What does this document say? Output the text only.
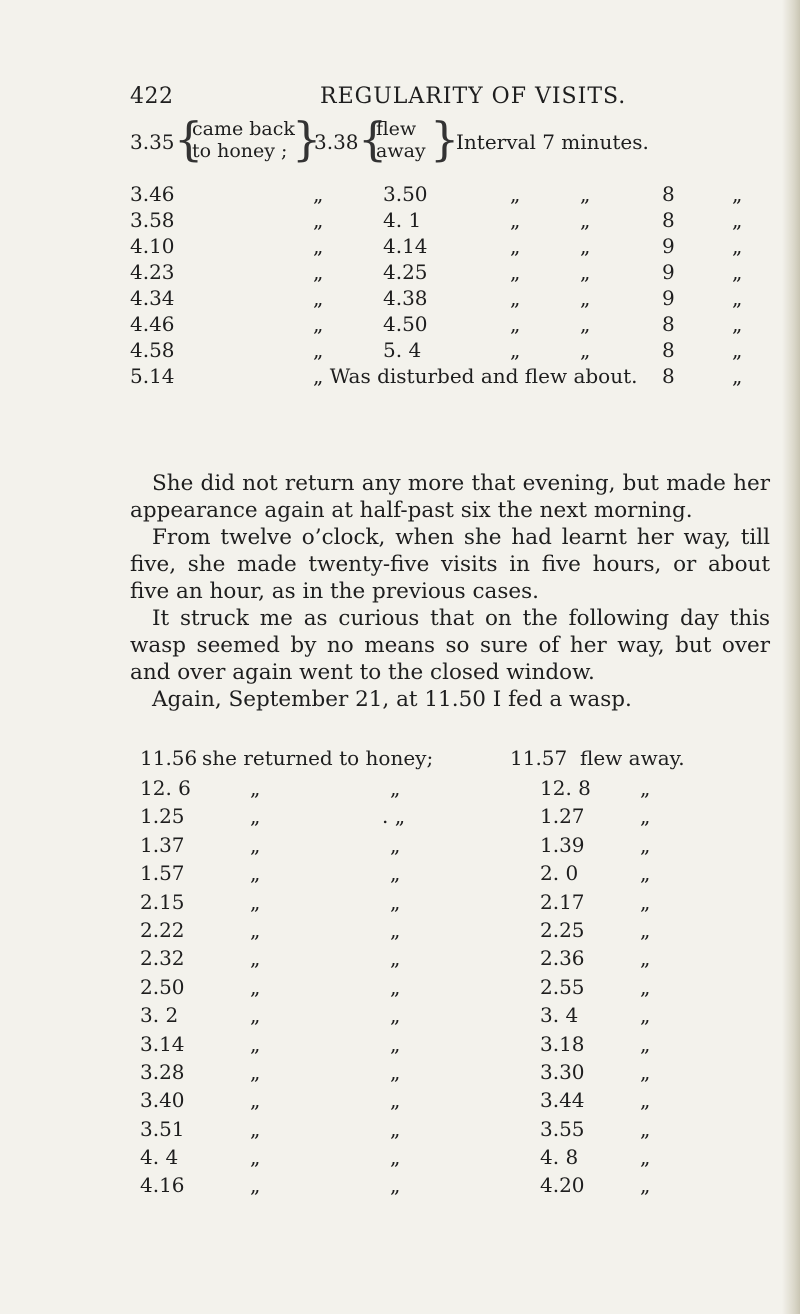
422	REGULARITY OF VISITS.
3.35 {
came back
to honey ; }
3.38 {
flew
away }
Interval 7 minutes.
3.46	„	3.50	„	„	8	„
3.58	„	4. 1	„	„	8	„
4.10	„	4.14	„	„	9	„
4.23	„	4.25	„	„	9	„
4.34	„	4.38	„	„	9	„
4.46	„	4.50	„	„	8	„
4.58	„	5. 4	„	„	8	„
5.14	„ Was disturbed and flew about. 8	„

She did not return any more that evening, but made her appearance again at half-past six the next morning.

From twelve o’clock, when she had learnt her way, till five, she made twenty-five visits in five hours, or about five an hour, as in the previous cases.

It struck me as curious that on the following day this wasp seemed by no means so sure of her way, but over and over again went to the closed window.

Again, September 21, at 11.50 I fed a wasp.

11.56 she returned to honey;	11.57 flew away.
12. 6	„	„	12. 8 „
1.25	„	. „	1.27	„
1.37	„	„	1.39	„
1.57	„	„	2. 0	„
2.15	„	„	2.17	„
2.22	„	„	2.25	„
2.32	„	„	2.36	„
2.50	„	„	2.55	„
3. 2	„	„	3. 4	„
3.14	„	„	3.18	„
3.28	„	„	3.30	„
3.40	„	„	3.44	„
3.51	„	„	3.55	„
4. 4	„	„	4. 8	„
4.16	„	„	4.20	„
